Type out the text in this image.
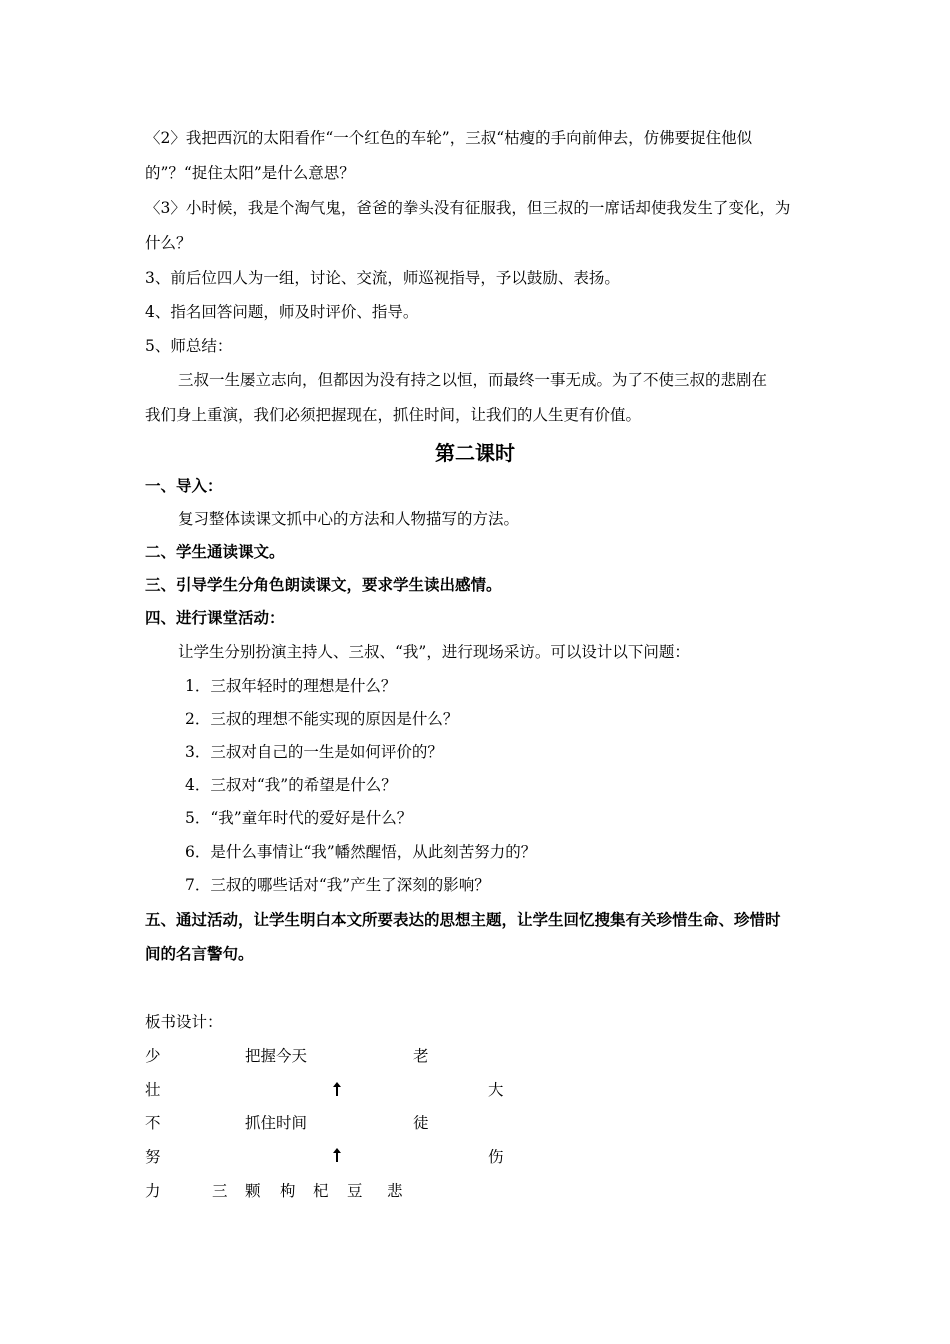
〈2〉我把西沉的太阳看作“一个红色的车轮”，三叔“枯瘦的手向前伸去，仿佛要捉住他似
的”？“捉住太阳”是什么意思？
〈3〉小时候，我是个淘气鬼，爸爸的拳头没有征服我，但三叔的一席话却使我发生了变化，为
什么？
3、前后位四人为一组，讨论、交流，师巡视指导，予以鼓励、表扬。
4、指名回答问题，师及时评价、指导。
5、师总结：
三叔一生屡立志向，但都因为没有持之以恒，而最终一事无成。为了不使三叔的悲剧在
我们身上重演，我们必须把握现在，抓住时间，让我们的人生更有价值。
第二课时
一、导入：
复习整体读课文抓中心的方法和人物描写的方法。
二、学生通读课文。
三、引导学生分角色朗读课文，要求学生读出感情。
四、进行课堂活动：
让学生分别扮演主持人、三叔、“我”，进行现场采访。可以设计以下问题：
1．三叔年轻时的理想是什么？
2．三叔的理想不能实现的原因是什么？
3．三叔对自己的一生是如何评价的？
4．三叔对“我”的希望是什么？
5．“我”童年时代的爱好是什么？
6．是什么事情让“我”幡然醒悟，从此刻苦努力的？
7．三叔的哪些话对“我”产生了深刻的影响？
五、通过活动，让学生明白本文所要表达的思想主题，让学生回忆搜集有关珍惜生命、珍惜时
间的名言警句。
板书设计：
少
壮
不
努
力
把握今天
抓住时间
老
大
徒
伤
三 颗 枸 杞 豆 悲
